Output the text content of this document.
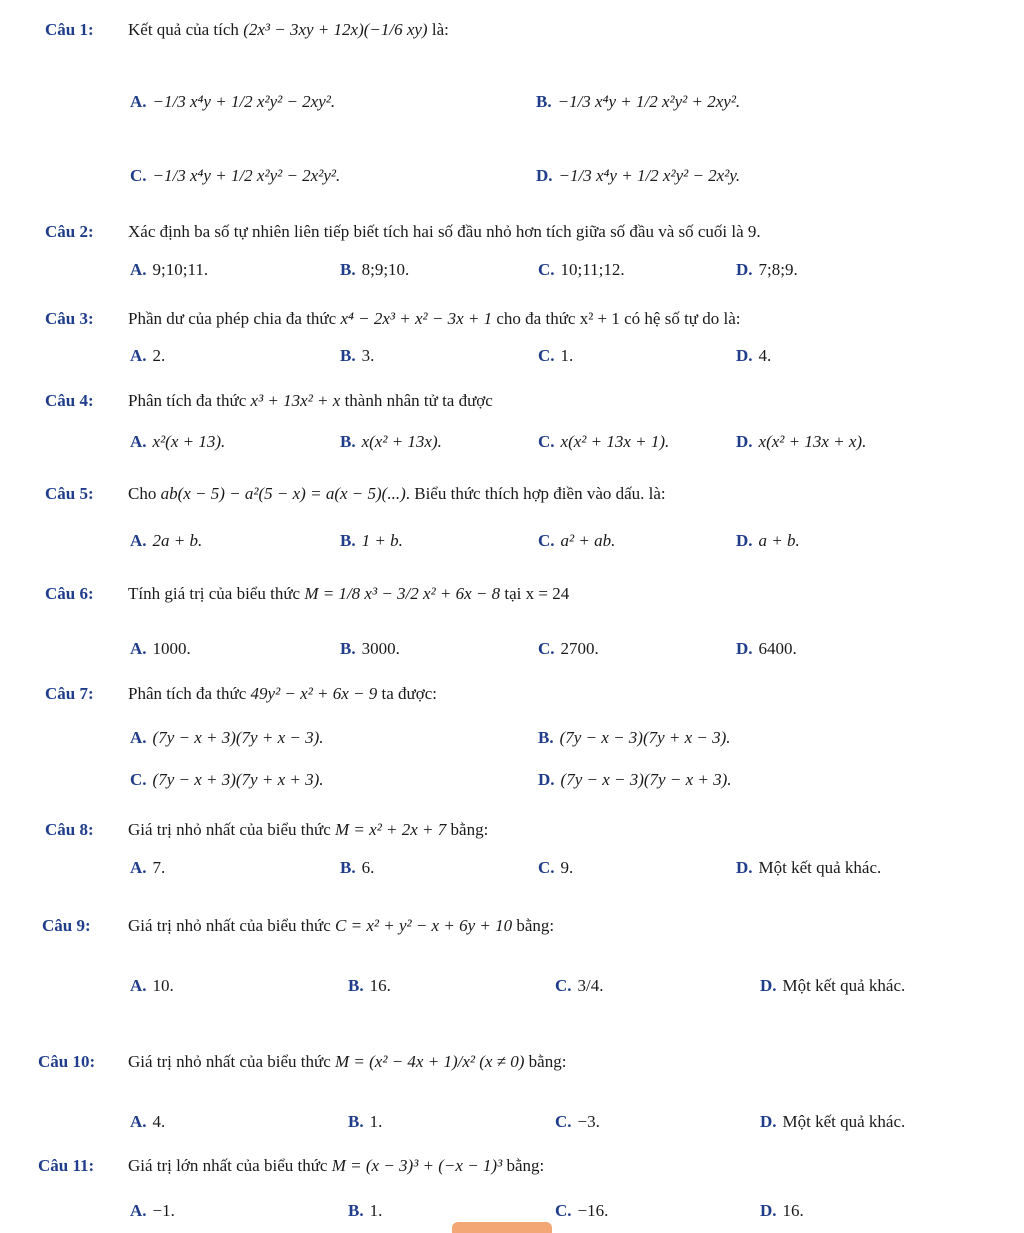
Câu 1: Kết quả của tích (2x³ − 3xy + 12x)(−1/6 xy) là:
A. −1/3 x⁴y + 1/2 x²y² − 2xy².	B. −1/3 x⁴y + 1/2 x²y² + 2xy².
C. −1/3 x⁴y + 1/2 x²y² − 2x²y².	D. −1/3 x⁴y + 1/2 x²y² − 2x²y.
Câu 2: Xác định ba số tự nhiên liên tiếp biết tích hai số đầu nhỏ hơn tích giữa số đầu và số cuối là 9.
A. 9;10;11.	B. 8;9;10.	C. 10;11;12.	D. 7;8;9.
Câu 3: Phần dư của phép chia đa thức x⁴ − 2x³ + x² − 3x + 1 cho đa thức x² + 1 có hệ số tự do là:
A. 2.	B. 3.	C. 1.	D. 4.
Câu 4: Phân tích đa thức x³ + 13x² + x thành nhân tử ta được
A. x²(x + 13).	B. x(x² + 13x).	C. x(x² + 13x + 1).	D. x(x² + 13x + x).
Câu 5: Cho ab(x − 5) − a²(5 − x) = a(x − 5)(...). Biểu thức thích hợp điền vào dấu. là:
A. 2a + b.	B. 1 + b.	C. a² + ab.	D. a + b.
Câu 6: Tính giá trị của biểu thức M = 1/8 x³ − 3/2 x² + 6x − 8 tại x = 24
A. 1000.	B. 3000.	C. 2700.	D. 6400.
Câu 7: Phân tích đa thức 49y² − x² + 6x − 9 ta được:
A. (7y − x + 3)(7y + x − 3).	B. (7y − x − 3)(7y + x − 3).
C. (7y − x + 3)(7y + x + 3).	D. (7y − x − 3)(7y − x + 3).
Câu 8: Giá trị nhỏ nhất của biểu thức M = x² + 2x + 7 bằng:
A. 7.	B. 6.	C. 9.	D. Một kết quả khác.
Câu 9: Giá trị nhỏ nhất của biểu thức C = x² + y² − x + 6y + 10 bằng:
A. 10.	B. 16.	C. 3/4.	D. Một kết quả khác.
Câu 10: Giá trị nhỏ nhất của biểu thức M = (x² − 4x + 1)/x² (x ≠ 0) bằng:
A. 4.	B. 1.	C. −3.	D. Một kết quả khác.
Câu 11: Giá trị lớn nhất của biểu thức M = (x − 3)³ + (−x − 1)³ bằng:
A. −1.	B. 1.	C. −16.	D. 16.
